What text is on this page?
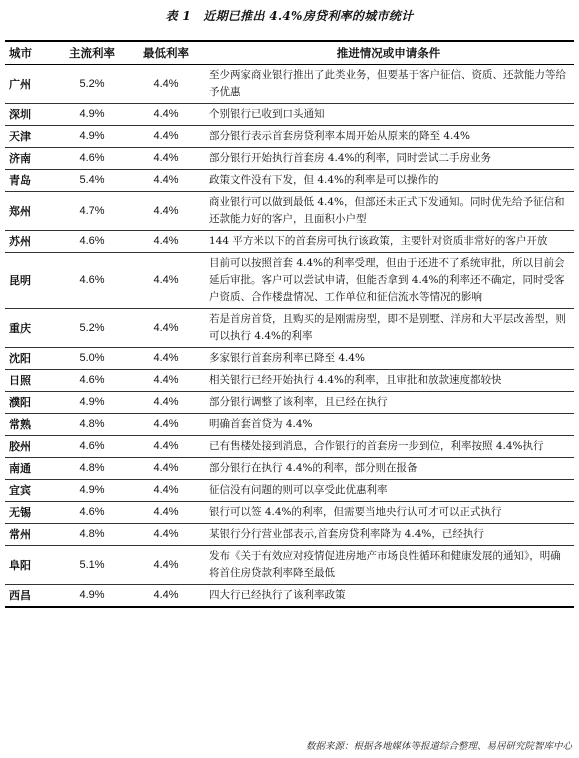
表 1　近期已推出 4.4%房贷利率的城市统计
城市	主流利率	最低利率	推进情况或申请条件
广州	5.2%	4.4%	至少两家商业银行推出了此类业务，但要基于客户征信、资质、还款能力等给予优惠
深圳	4.9%	4.4%	个别银行已收到口头通知
天津	4.9%	4.4%	部分银行表示首套房贷利率本周开始从原来的降至 4.4%
济南	4.6%	4.4%	部分银行开始执行首套房 4.4%的利率，同时尝试二手房业务
青岛	5.4%	4.4%	政策文件没有下发，但 4.4%的利率是可以操作的
郑州	4.7%	4.4%	商业银行可以做到最低 4.4%，但部还未正式下发通知。同时优先给予征信和还款能力好的客户，且面积小户型
苏州	4.6%	4.4%	144 平方米以下的首套房可执行该政策，主要针对资质非常好的客户开放
昆明	4.6%	4.4%	目前可以按照首套 4.4%的利率受理，但由于还进不了系统审批，所以目前会延后审批。客户可以尝试申请，但能否拿到 4.4%的利率还不确定，同时受客户资质、合作楼盘情况、工作单位和征信流水等情况的影响
重庆	5.2%	4.4%	若是首房首贷，且购买的是刚需房型，即不是别墅、洋房和大平层改善型，则可以执行 4.4%的利率
沈阳	5.0%	4.4%	多家银行首套房利率已降至 4.4%
日照	4.6%	4.4%	相关银行已经开始执行 4.4%的利率，且审批和放款速度都较快
濮阳	4.9%	4.4%	部分银行调整了该利率，且已经在执行
常熟	4.8%	4.4%	明确首套首贷为 4.4%
胶州	4.6%	4.4%	已有售楼处接到消息，合作银行的首套房一步到位，利率按照 4.4%执行
南通	4.8%	4.4%	部分银行在执行 4.4%的利率，部分则在报备
宜宾	4.9%	4.4%	征信没有问题的则可以享受此优惠利率
无锡	4.6%	4.4%	银行可以签 4.4%的利率，但需要当地央行认可才可以正式执行
常州	4.8%	4.4%	某银行分行营业部表示,首套房贷利率降为 4.4%，已经执行
阜阳	5.1%	4.4%	发布《关于有效应对疫情促进房地产市场良性循环和健康发展的通知》，明确将首住房贷款利率降至最低
西昌	4.9%	4.4%	四大行已经执行了该利率政策
数据来源：根据各地媒体等报道综合整理、易居研究院智库中心
